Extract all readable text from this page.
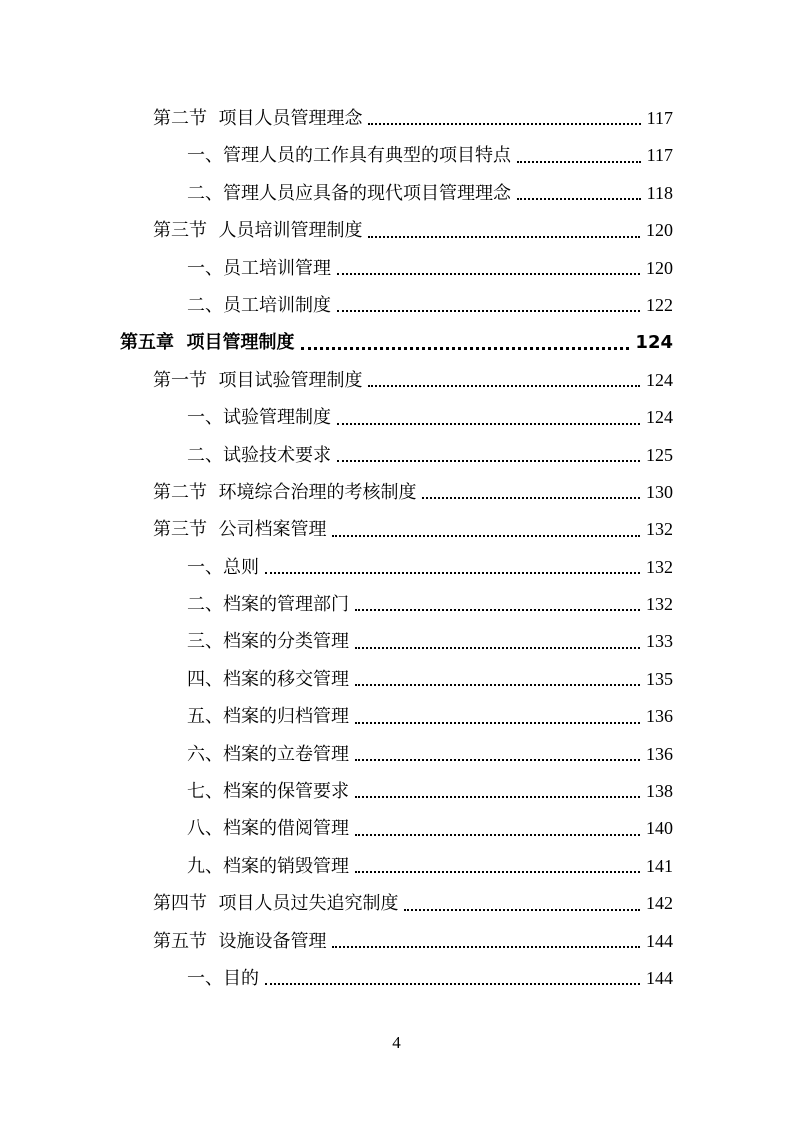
第二节  项目人员管理理念	117
一、管理人员的工作具有典型的项目特点	117
二、管理人员应具备的现代项目管理理念	118
第三节  人员培训管理制度	120
一、员工培训管理	120
二、员工培训制度	122
第五章  项目管理制度	124
第一节  项目试验管理制度	124
一、试验管理制度	124
二、试验技术要求	125
第二节  环境综合治理的考核制度	130
第三节  公司档案管理	132
一、总则	132
二、档案的管理部门	132
三、档案的分类管理	133
四、档案的移交管理	135
五、档案的归档管理	136
六、档案的立卷管理	136
七、档案的保管要求	138
八、档案的借阅管理	140
九、档案的销毁管理	141
第四节  项目人员过失追究制度	142
第五节  设施设备管理	144
一、目的	144
4
